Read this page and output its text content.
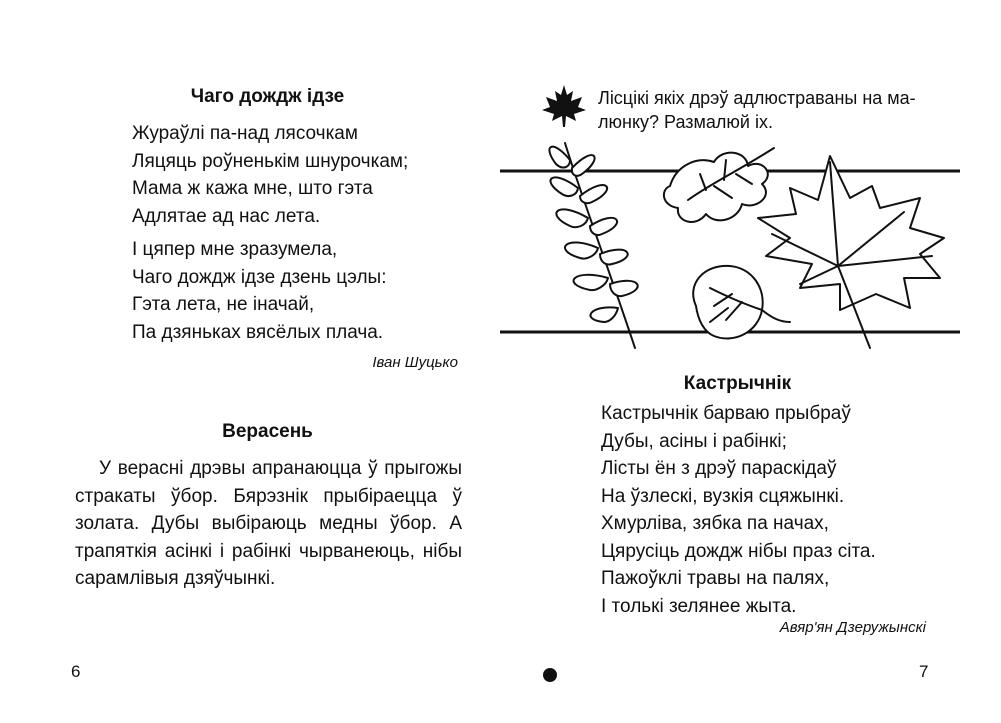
Чаго дождж ідзе
Жураўлі па-над лясочкам
Ляцяць роўненькім шнурочкам;
Мама ж кажа мне, што гэта
Адлятае ад нас лета.
І цяпер мне зразумела,
Чаго дождж ідзе дзень цэлы:
Гэта лета, не іначай,
Па дзяньках вясёлых плача.
Іван Шуцько
Верасень

У верасні дрэвы апранаюцца ў прыгожы стракаты ўбор. Бярэзнік прыбіраецца ў золата. Дубы выбіраюць медны ўбор. А трапяткія асінкі і рабінкі чырванеюць, нібы сарамлівыя дзяўчынкі.

6
Лісцікі якіх дрэў адлюстраваны на ма-
люнку? Размалюй іх.
Кастрычнік
Кастрычнік барваю прыбраў
Дубы, асіны і рабінкі;
Лісты ён з дрэў параскідаў
На ўзлескі, вузкія сцяжынкі.
Хмурліва, зябка па начах,
Цярусіць дождж нібы праз сіта.
Пажоўклі травы на палях,
І толькі зелянее жыта.
Авяр'ян Дзеружынскі
7
